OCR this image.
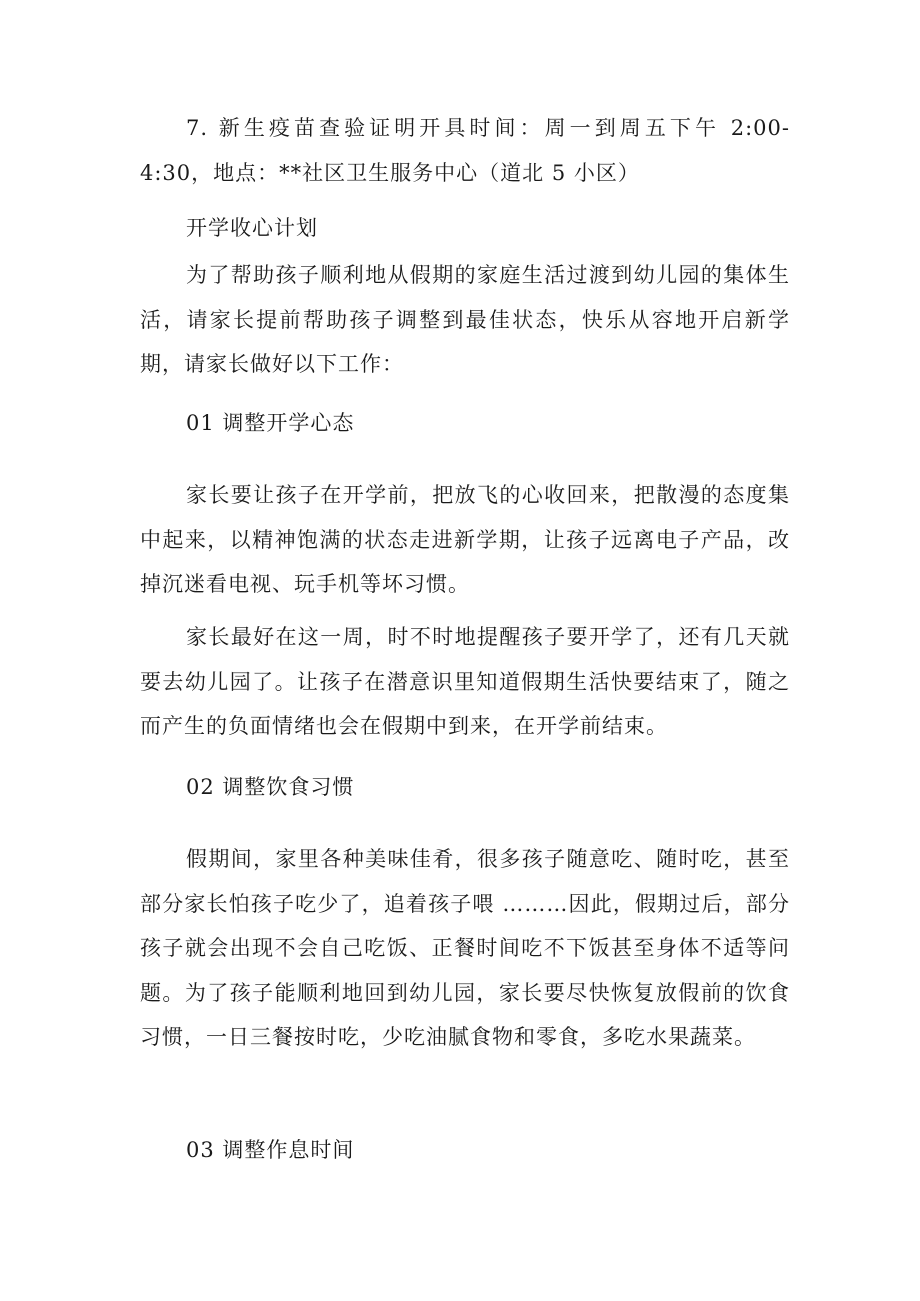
7. 新生疫苗查验证明开具时间：周一到周五下午 2:00-4:30，地点：**社区卫生服务中心（道北 5 小区）

开学收心计划

为了帮助孩子顺利地从假期的家庭生活过渡到幼儿园的集体生活，请家长提前帮助孩子调整到最佳状态，快乐从容地开启新学期，请家长做好以下工作：

01 调整开学心态

家长要让孩子在开学前，把放飞的心收回来，把散漫的态度集中起来，以精神饱满的状态走进新学期，让孩子远离电子产品，改掉沉迷看电视、玩手机等坏习惯。

家长最好在这一周，时不时地提醒孩子要开学了，还有几天就要去幼儿园了。让孩子在潜意识里知道假期生活快要结束了，随之而产生的负面情绪也会在假期中到来，在开学前结束。

02 调整饮食习惯

假期间，家里各种美味佳肴，很多孩子随意吃、随时吃，甚至部分家长怕孩子吃少了，追着孩子喂 ………因此，假期过后，部分孩子就会出现不会自己吃饭、正餐时间吃不下饭甚至身体不适等问题。为了孩子能顺利地回到幼儿园，家长要尽快恢复放假前的饮食习惯，一日三餐按时吃，少吃油腻食物和零食，多吃水果蔬菜。

03 调整作息时间
